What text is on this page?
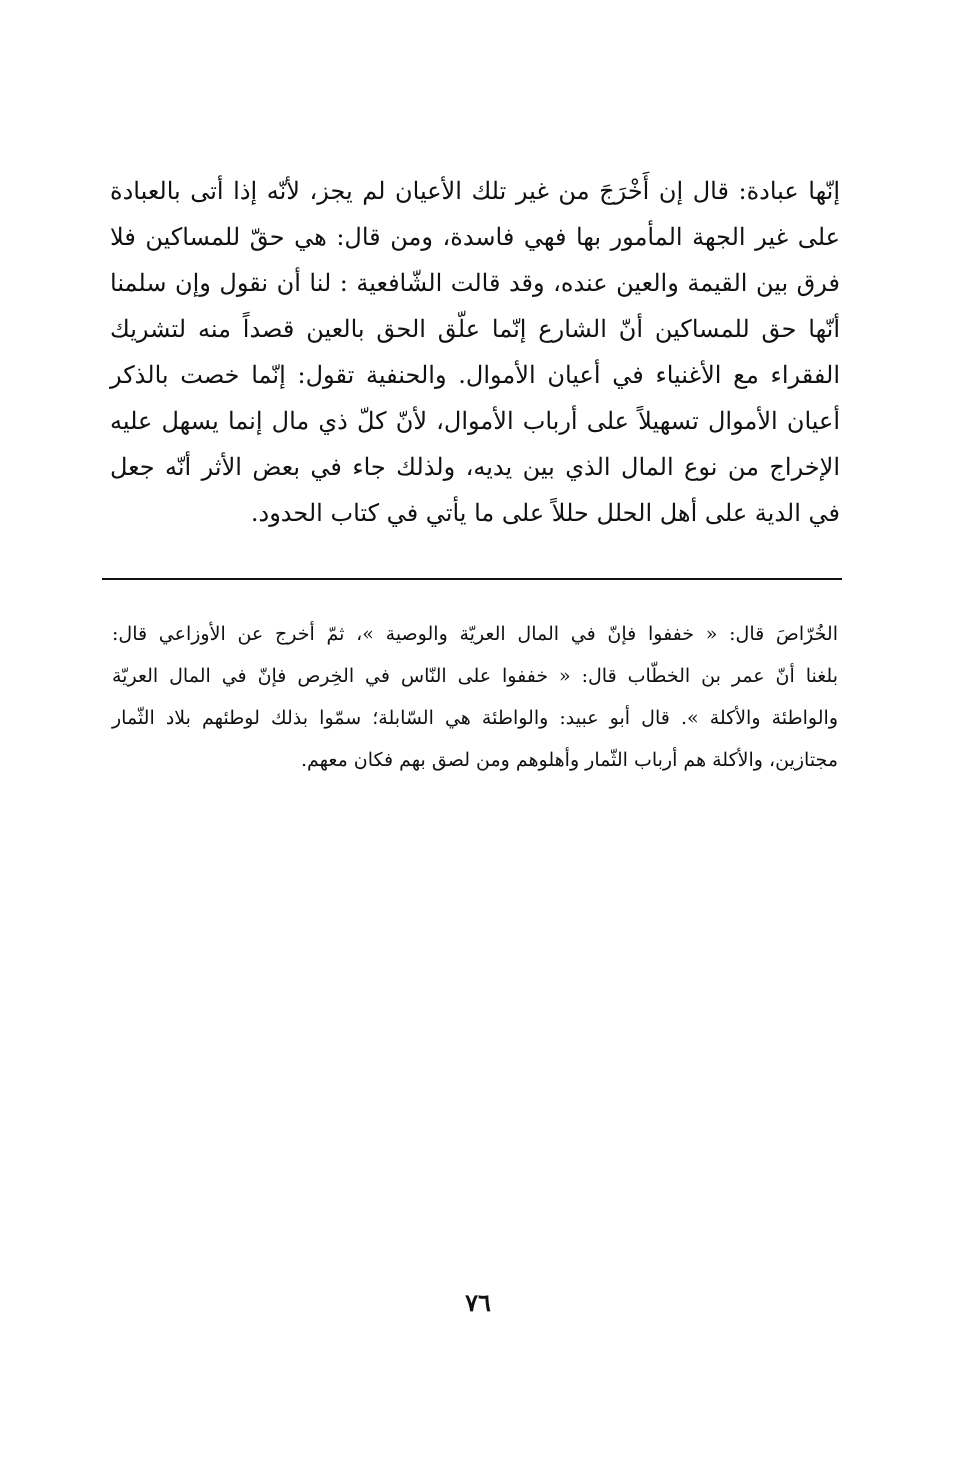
إنّها عبادة: قال إن أَخْرَجَ من غير تلك الأعيان لم يجز، لأنّه إذا أتى بالعبادة
على غير الجهة المأمور بها فهي فاسدة، ومن قال: هي حقّ للمساكين فلا
فرق بين القيمة والعين عنده، وقد قالت الشّافعية : لنا أن نقول وإن سلمنا
أنّها حق للمساكين أنّ الشارع إنّما علّق الحق بالعين قصداً منه لتشريك
الفقراء مع الأغنياء في أعيان الأموال. والحنفية تقول: إنّما خصت بالذكر
أعيان الأموال تسهيلاً على أرباب الأموال، لأنّ كلّ ذي مال إنما يسهل عليه
الإخراج من نوع المال الذي بين يديه، ولذلك جاء في بعض الأثر أنّه جعل
في الدية على أهل الحلل حللاً على ما يأتي في كتاب الحدود.
الخُرّاصَ قال: « خففوا فإنّ في المال العريّة والوصية »، ثمّ أخرج عن الأوزاعي قال:
بلغنا أنّ عمر بن الخطّاب قال: « خففوا على النّاس في الخِرص فإنّ في المال العريّة
والواطئة والأكلة ». قال أبو عبيد: والواطئة هي السّابلة؛ سمّوا بذلك لوطئهم بلاد الثّمار
مجتازين، والأكلة هم أرباب الثّمار وأهلوهم ومن لصق بهم فكان معهم.
٧٦
